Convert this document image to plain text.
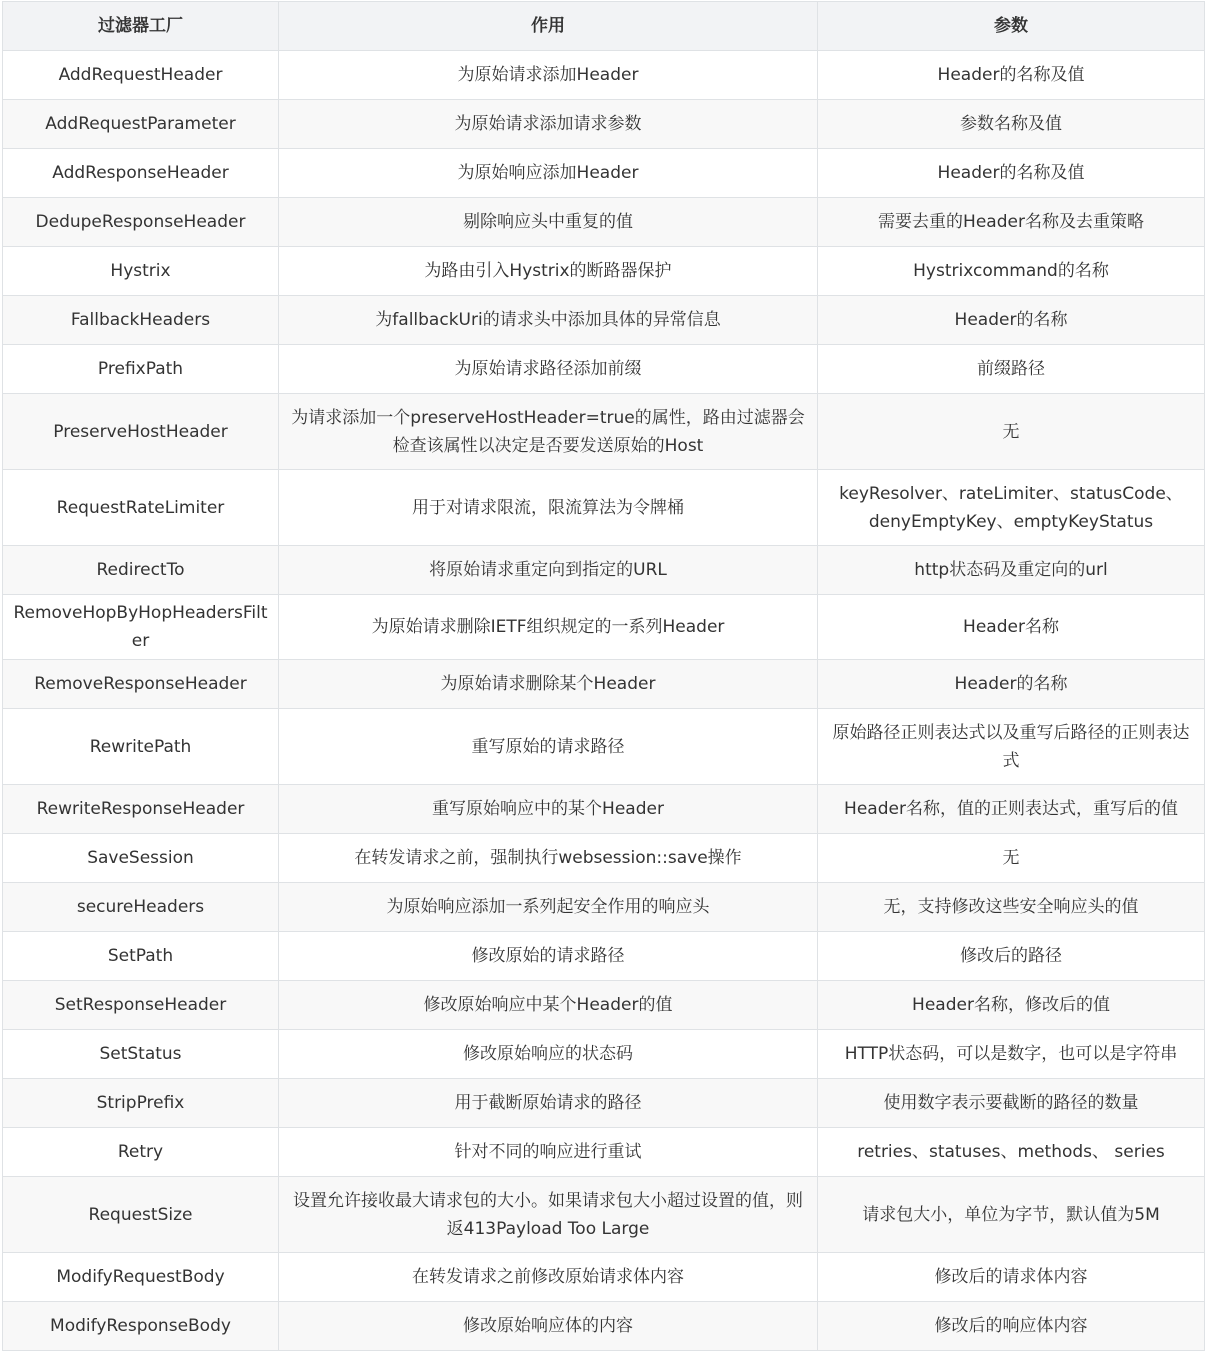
过滤器工厂	作用	参数
AddRequestHeader	为原始请求添加Header	Header的名称及值
AddRequestParameter	为原始请求添加请求参数	参数名称及值
AddResponseHeader	为原始响应添加Header	Header的名称及值
DedupeResponseHeader	剔除响应头中重复的值	需要去重的Header名称及去重策略
Hystrix	为路由引入Hystrix的断路器保护	Hystrixcommand的名称
FallbackHeaders	为fallbackUri的请求头中添加具体的异常信息	Header的名称
PrefixPath	为原始请求路径添加前缀	前缀路径
PreserveHostHeader	为请求添加一个preserveHostHeader=true的属性，路由过滤器会检查该属性以决定是否要发送原始的Host	无
RequestRateLimiter	用于对请求限流，限流算法为令牌桶	keyResolver、rateLimiter、statusCode、denyEmptyKey、emptyKeyStatus
RedirectTo	将原始请求重定向到指定的URL	http状态码及重定向的url
RemoveHopByHopHeadersFilter	为原始请求删除IETF组织规定的一系列Header	Header名称
RemoveResponseHeader	为原始请求删除某个Header	Header的名称
RewritePath	重写原始的请求路径	原始路径正则表达式以及重写后路径的正则表达式
RewriteResponseHeader	重写原始响应中的某个Header	Header名称，值的正则表达式，重写后的值
SaveSession	在转发请求之前，强制执行websession::save操作	无
secureHeaders	为原始响应添加一系列起安全作用的响应头	无，支持修改这些安全响应头的值
SetPath	修改原始的请求路径	修改后的路径
SetResponseHeader	修改原始响应中某个Header的值	Header名称，修改后的值
SetStatus	修改原始响应的状态码	HTTP状态码，可以是数字，也可以是字符串
StripPrefix	用于截断原始请求的路径	使用数字表示要截断的路径的数量
Retry	针对不同的响应进行重试	retries、statuses、methods、 series
RequestSize	设置允许接收最大请求包的大小。如果请求包大小超过设置的值，则返413Payload Too Large	请求包大小，单位为字节，默认值为5M
ModifyRequestBody	在转发请求之前修改原始请求体内容	修改后的请求体内容
ModifyResponseBody	修改原始响应体的内容	修改后的响应体内容
